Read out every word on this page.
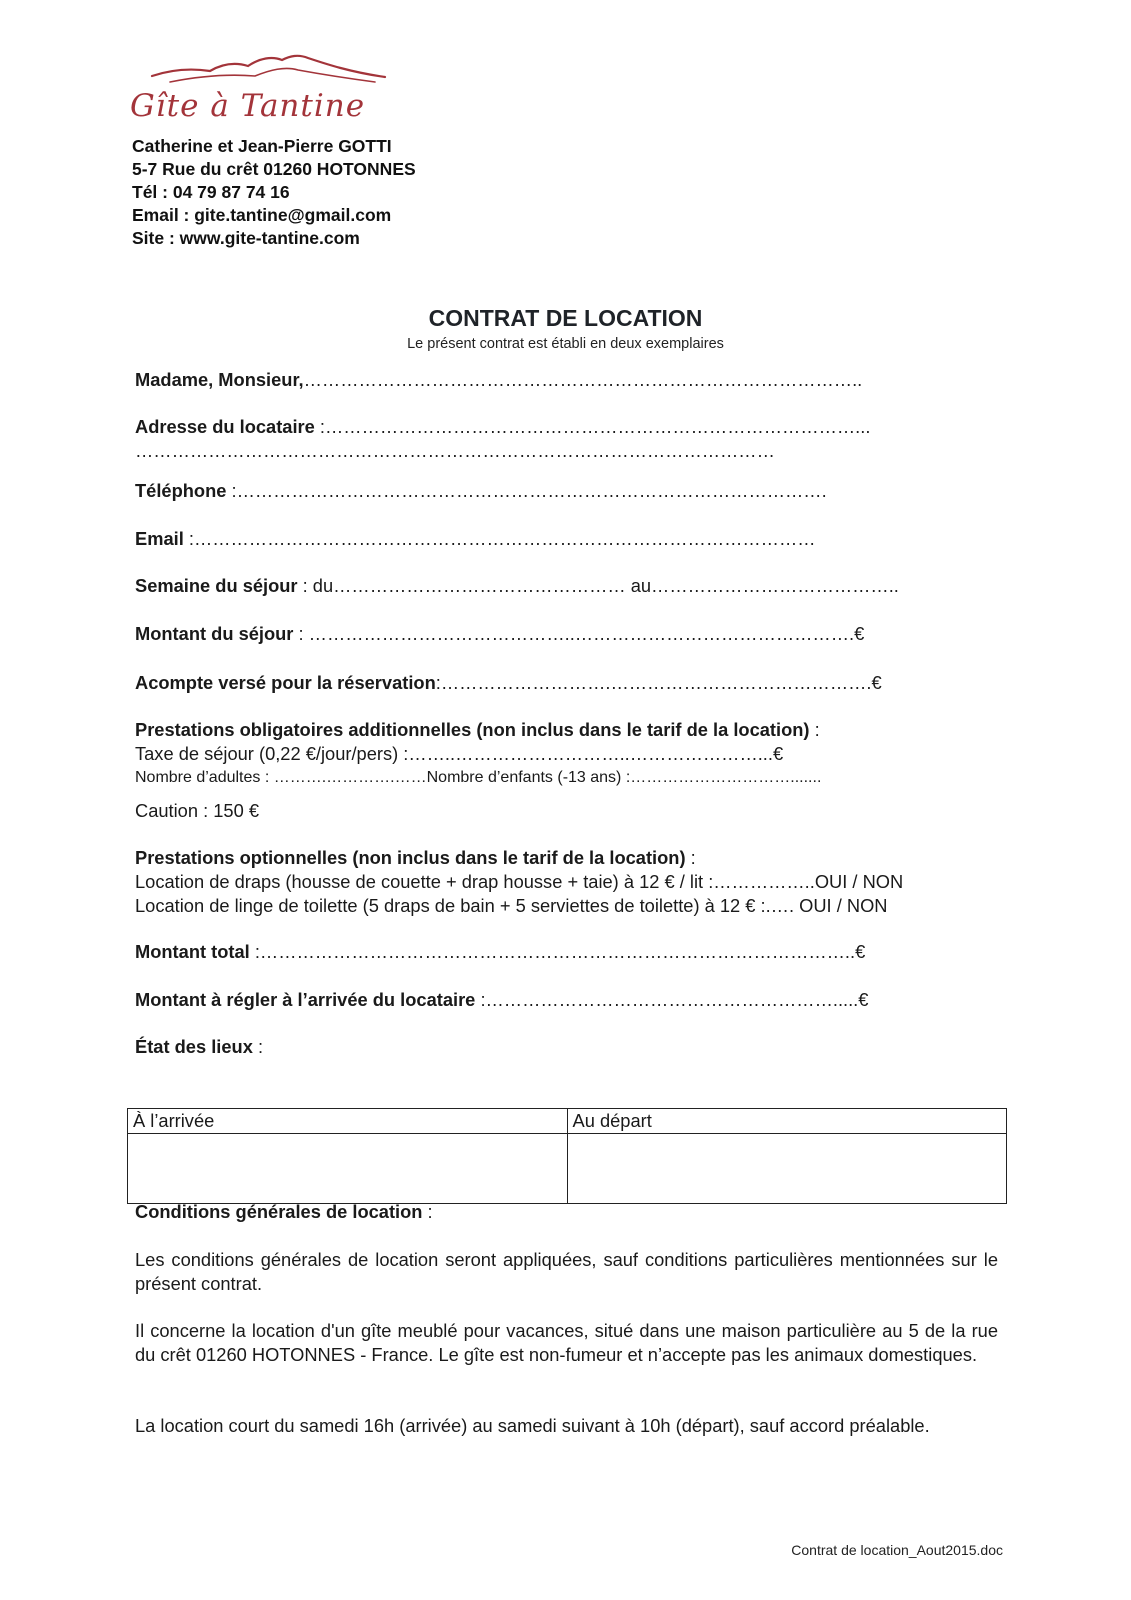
Gîte à Tantine
Catherine et Jean-Pierre GOTTI
5-7 Rue du crêt 01260 HOTONNES
Tél : 04 79 87 74 16
Email : gite.tantine@gmail.com
Site : www.gite-tantine.com
CONTRAT DE LOCATION
Le présent contrat est établi en deux exemplaires
Madame, Monsieur,………………………………………………………………………………..
Adresse du locataire :……………………………………………………………………………...
……………………………………………………………………………………………
Téléphone :…………………………………………………………………………………….
Email :…………………………………………………………………………………………
Semaine du séjour : du………………………………………… au…………………………………..
Montant du séjour : ……………………………………..……………………………………….€
Acompte versé pour la réservation:……………………….…………………………………….€
Prestations obligatoires additionnelles (non inclus dans le tarif de la location) :
Taxe de séjour (0,22 €/jour/pers) :……..………………………..…………………...€
Nombre d’adultes : ……….………….……Nombre d’enfants (-13 ans) :………………………….......
Caution : 150 €
Prestations optionnelles (non inclus dans le tarif de la location) :
Location de draps (housse de couette + drap housse + taie) à 12 € / lit :……………..OUI / NON
Location de linge de toilette (5 draps de bain + 5 serviettes de toilette) à 12 € :.…. OUI / NON
Montant total :……………………………………………………………………………………..€
Montant à régler à l’arrivée du locataire :………………………………………………….....€
État des lieux :
À l’arrivée	Au départ

Conditions générales de location :
Les conditions générales de location seront appliquées, sauf conditions particulières mentionnées sur le présent contrat.
Il concerne la location d'un gîte meublé pour vacances, situé dans une maison particulière au 5 de la rue du crêt 01260 HOTONNES - France. Le gîte est non-fumeur et n’accepte pas les animaux domestiques.
La location court du samedi 16h (arrivée) au samedi suivant à 10h (départ), sauf accord préalable.
Contrat de location_Aout2015.doc
